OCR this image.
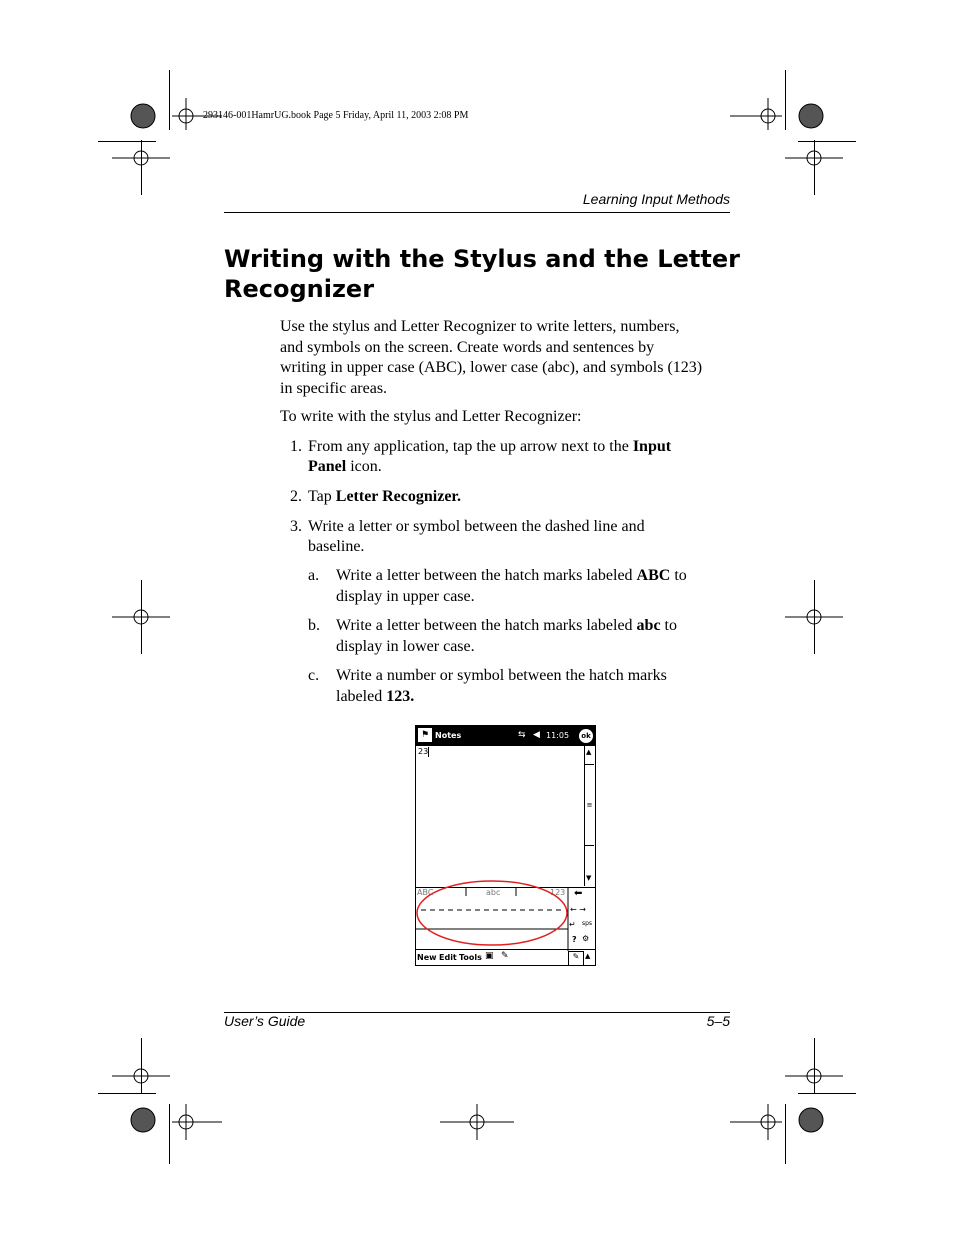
293146-001HamrUG.book Page 5 Friday, April 11, 2003 2:08 PM
Learning Input Methods
Writing with the Stylus and the Letter
Recognizer
Use the stylus and Letter Recognizer to write letters, numbers,
and symbols on the screen. Create words and sentences by
writing in upper case (ABC), lower case (abc), and symbols (123)
in specific areas.
To write with the stylus and Letter Recognizer:
1. From any application, tap the up arrow next to the Input
Panel icon.
2. Tap Letter Recognizer.
3. Write a letter or symbol between the dashed line and
baseline.
a. Write a letter between the hatch marks labeled ABC to
display in upper case.
b. Write a letter between the hatch marks labeled abc to
display in lower case.
c. Write a number or symbol between the hatch marks
labeled 123.
⚑ Notes	⇆ ◀ 11:05	ok
23	▲
≡
▼
ABC	abc	123 ⬅
← →
↵ sps
? ⚙
New Edit Tools ▣ ✎	✎ ▲
User’s Guide	5–5
